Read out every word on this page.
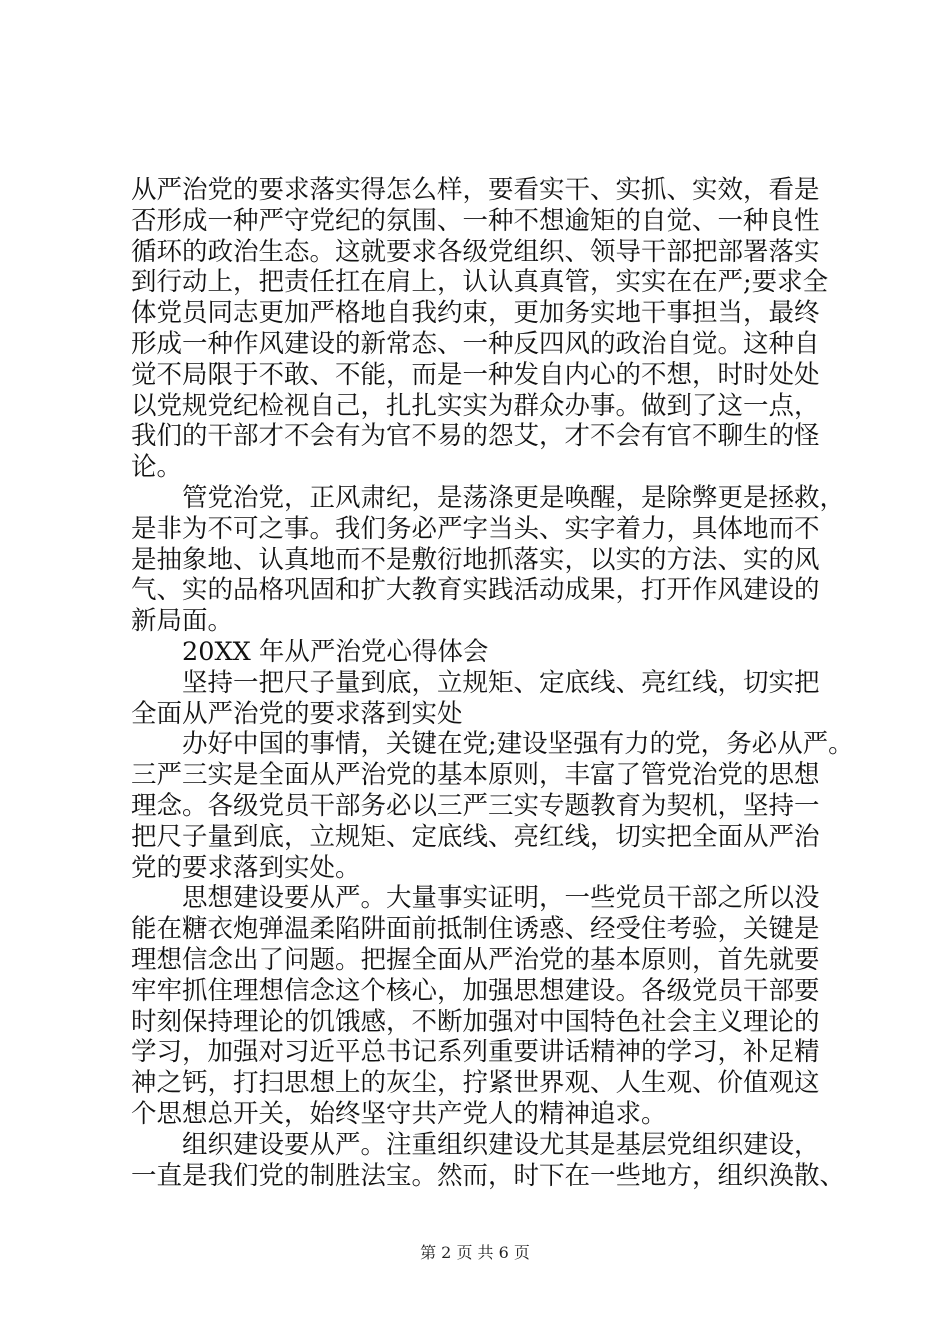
从严治党的要求落实得怎么样，要看实干、实抓、实效，看是
否形成一种严守党纪的氛围、一种不想逾矩的自觉、一种良性
循环的政治生态。这就要求各级党组织、领导干部把部署落实
到行动上，把责任扛在肩上，认认真真管，实实在在严;要求全
体党员同志更加严格地自我约束，更加务实地干事担当，最终
形成一种作风建设的新常态、一种反四风的政治自觉。这种自
觉不局限于不敢、不能，而是一种发自内心的不想，时时处处
以党规党纪检视自己，扎扎实实为群众办事。做到了这一点，
我们的干部才不会有为官不易的怨艾，才不会有官不聊生的怪
论。
管党治党，正风肃纪，是荡涤更是唤醒，是除弊更是拯救，
是非为不可之事。我们务必严字当头、实字着力，具体地而不
是抽象地、认真地而不是敷衍地抓落实，以实的方法、实的风
气、实的品格巩固和扩大教育实践活动成果，打开作风建设的
新局面。
20XX 年从严治党心得体会
坚持一把尺子量到底，立规矩、定底线、亮红线，切实把
全面从严治党的要求落到实处
办好中国的事情，关键在党;建设坚强有力的党，务必从严。
三严三实是全面从严治党的基本原则，丰富了管党治党的思想
理念。各级党员干部务必以三严三实专题教育为契机，坚持一
把尺子量到底，立规矩、定底线、亮红线，切实把全面从严治
党的要求落到实处。
思想建设要从严。大量事实证明，一些党员干部之所以没
能在糖衣炮弹温柔陷阱面前抵制住诱惑、经受住考验，关键是
理想信念出了问题。把握全面从严治党的基本原则，首先就要
牢牢抓住理想信念这个核心，加强思想建设。各级党员干部要
时刻保持理论的饥饿感，不断加强对中国特色社会主义理论的
学习，加强对习近平总书记系列重要讲话精神的学习，补足精
神之钙，打扫思想上的灰尘，拧紧世界观、人生观、价值观这
个思想总开关，始终坚守共产党人的精神追求。
组织建设要从严。注重组织建设尤其是基层党组织建设，
一直是我们党的制胜法宝。然而，时下在一些地方，组织涣散、
第 2 页 共 6 页
